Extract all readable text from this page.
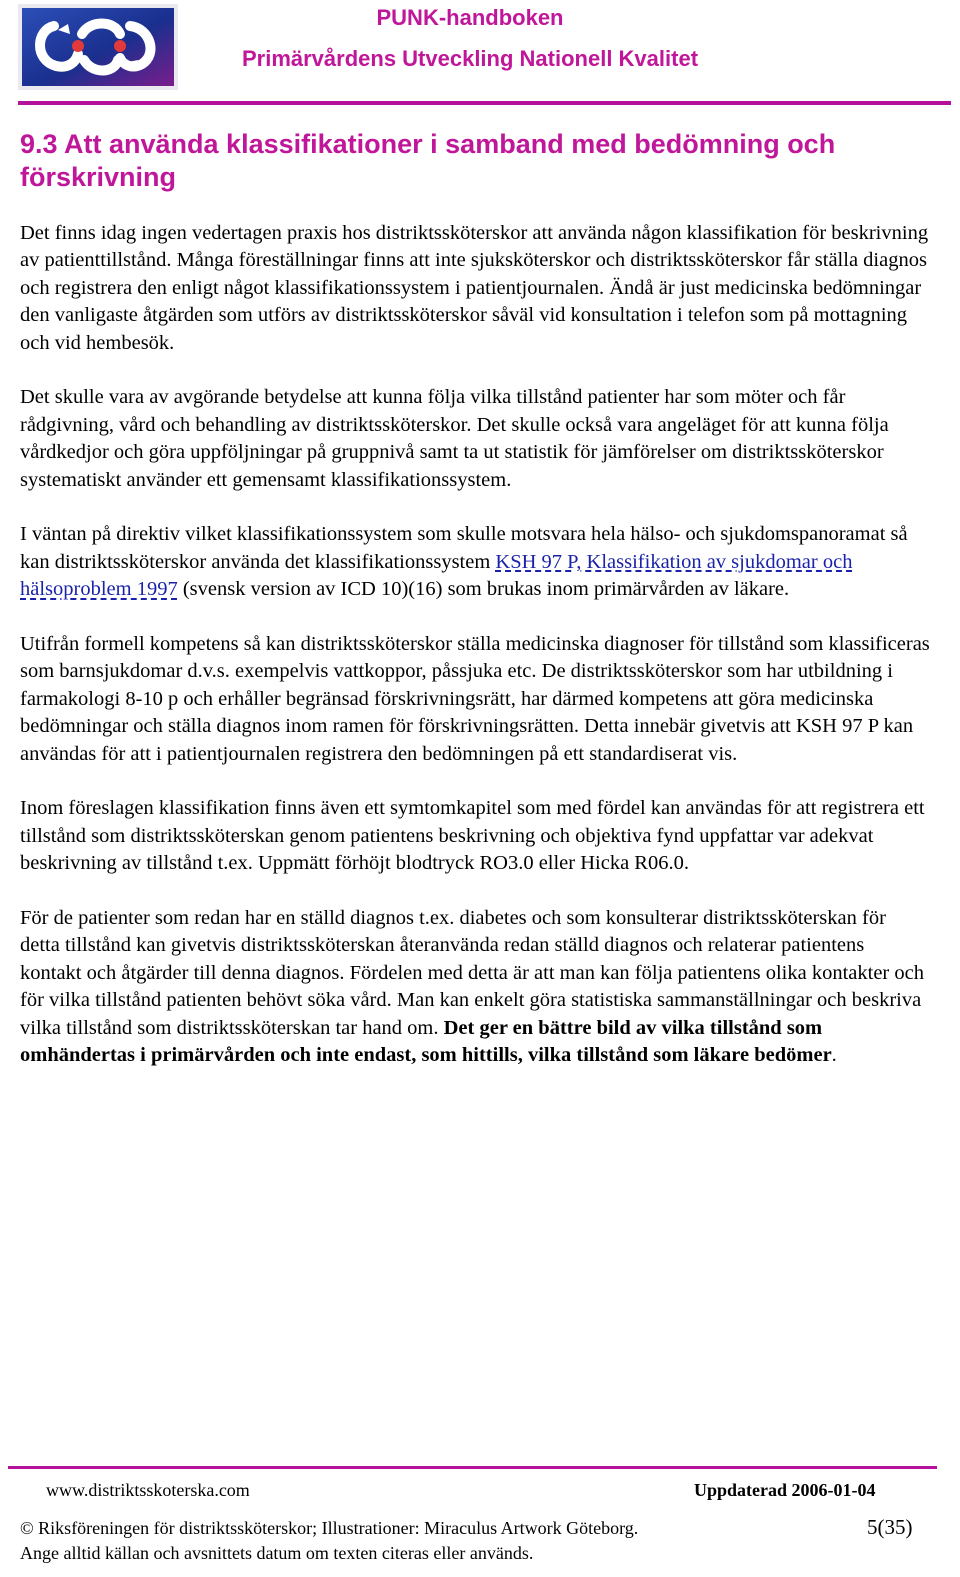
PUNK-handboken
Primärvårdens Utveckling Nationell Kvalitet
9.3 Att använda klassifikationer i samband med bedömning och förskrivning

Det finns idag ingen vedertagen praxis hos distriktssköterskor att använda någon klassifikation för beskrivning av patienttillstånd. Många föreställningar finns att inte sjuksköterskor och distriktssköterskor får ställa diagnos och registrera den enligt något klassifikationssystem i patientjournalen. Ändå är just medicinska bedömningar den vanligaste åtgärden som utförs av distriktssköterskor såväl vid konsultation i telefon som på mottagning och vid hembesök.

Det skulle vara av avgörande betydelse att kunna följa vilka tillstånd patienter har som möter och får rådgivning, vård och behandling av distriktssköterskor. Det skulle också vara angeläget för att kunna följa vårdkedjor och göra uppföljningar på gruppnivå samt ta ut statistik för jämförelser om distriktssköterskor systematiskt använder ett gemensamt klassifikationssystem.

I väntan på direktiv vilket klassifikationssystem som skulle motsvara hela hälso- och sjukdomspanoramat så kan distriktssköterskor använda det klassifikationssystem KSH 97 P, Klassifikation av sjukdomar och hälsoproblem 1997 (svensk version av ICD 10)(16) som brukas inom primärvården av läkare.

Utifrån formell kompetens så kan distriktssköterskor ställa medicinska diagnoser för tillstånd som klassificeras som barnsjukdomar d.v.s. exempelvis vattkoppor, påssjuka etc. De distriktssköterskor som har utbildning i farmakologi 8-10 p och erhåller begränsad förskrivningsrätt, har därmed kompetens att göra medicinska bedömningar och ställa diagnos inom ramen för förskrivningsrätten. Detta innebär givetvis att KSH 97 P kan användas för att i patientjournalen registrera den bedömningen på ett standardiserat vis.

Inom föreslagen klassifikation finns även ett symtomkapitel som med fördel kan användas för att registrera ett tillstånd som distriktssköterskan genom patientens beskrivning och objektiva fynd uppfattar var adekvat beskrivning av tillstånd t.ex. Uppmätt förhöjt blodtryck RO3.0 eller Hicka R06.0.

För de patienter som redan har en ställd diagnos t.ex. diabetes och som konsulterar distriktssköterskan för detta tillstånd kan givetvis distriktssköterskan återanvända redan ställd diagnos och relaterar patientens kontakt och åtgärder till denna diagnos. Fördelen med detta är att man kan följa patientens olika kontakter och för vilka tillstånd patienten behövt söka vård. Man kan enkelt göra statistiska sammanställningar och beskriva vilka tillstånd som distriktssköterskan tar hand om. Det ger en bättre bild av vilka tillstånd som omhändertas i primärvården och inte endast, som hittills, vilka tillstånd som läkare bedömer.

www.distriktsskoterska.com	Uppdaterad 2006-01-04
© Riksföreningen för distriktssköterskor; Illustrationer: Miraculus Artwork Göteborg.	5(35)
Ange alltid källan och avsnittets datum om texten citeras eller används.
